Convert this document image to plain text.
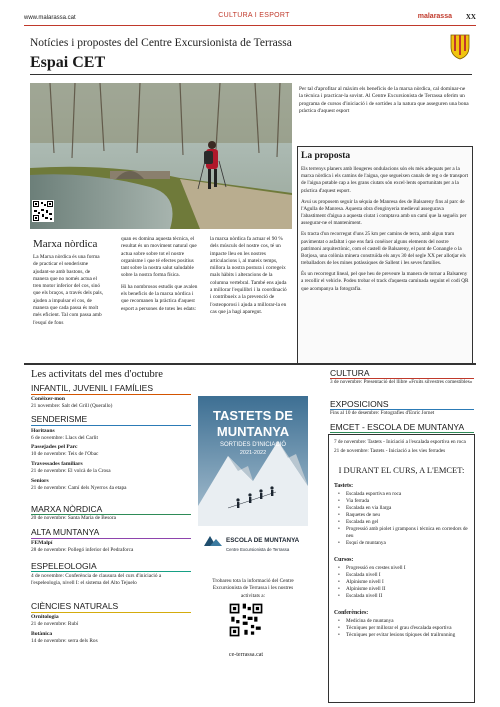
www.malarassa.cat	CULTURA I ESPORT	malarassa XX
Notícies i propostes del Centre Excursionista de Terrassa
Espai CET
Per tal d'aprofitar al màxim els beneficis de la marxa nòrdica, cal dominar-ne la tècnica i practicar-la sovint. Al Centre Excursionista de Terrassa oferim un programa de cursos d'iniciació i de sortides a la natura que asseguren una bona pràctica d'aquest esport
La proposta

Els terrenys planers amb lleugeres ondulacions són els més adequats per a la marxa nòrdica i els camins de l'aigua, que segueixen canals de reg o de transport de l'aigua potable cap a les grans ciutats són excel·lents oportunitats per a la pràctica d'aquest esport.

Avui us proposem seguir la séquia de Manresa des de Balsareny fins al parc de l'Agulla de Manresa. Aquesta obra d'enginyeria medieval assegurava l'abastiment d'aigua a aquesta ciutat i comptava amb un camí que la seguéix per assegurar-ne el manteniment.

Es tracta d'un recorregut d'uns 25 km per camins de terra, amb algun tram pavimentat o asfaltat i que ens farà conèixer alguns elements del nostre patrimoni arquitectònic, com el castell de Balsareny, el pont de Conangle o la Botjosa, una colònia minera construïda els anys 30 del segle XX per allotjar els treballadors de les mines potàssiques de Sallent i les seves famílies.

És un recorregut lineal, pel que heu de preveure la manera de tornar a Balsareny a recollir el vehicle. Podeu trobar el track d'aquesta caminada seguint el codi QR que acompanya la fotografia.

Marxa nòrdica

La Marxa nòrdica és una forma de practicar el senderisme ajudant-se amb bastons, de manera que no només actua el tren motor inferior del cos, sinó que els braços, a través dels pals, ajuden a impulsar el cos, de manera que cada passa és molt més eficient. Tal com passa amb l'esquí de fons

quan es domina aquesta tècnica, el resultat és un moviment natural que actua sobre sobre tot el nostre organisme i que té efectes positius tant sobre la nostra salut saludable sobre la nostra forma física.

Hi ha nombrosos estudis que avalen els beneficis de la marxa nòrdica i que recomanen la pràctica d'aquest esport a persones de totes les edats:

la marxa nòrdica fa actuar el 90 % dels músculs del nostre cos, té un impacte lleu en les nostres articulacions i, al mateix temps, millora la nostra postura i corregeix mals hàbits i alteracions de la columna vertebral. També ens ajuda a millorar l'equilibri i la coordinació i contribueix a la prevenció de l'osteoporosi i ajuda a millorar-la en cas que ja hagi aparegut.

Les activitats del mes d'octubre
INFANTIL, JUVENIL I FAMÍLIES
Conèixer-mon
21 novembre: Salt del Grill (Querallo)
SENDERISME
Horitzons
6 de novembre: Llacs del Carlit
Passejades pel Parc
10 de novembre: Teix de l'Obac
Travessades familiars
21 de novembre: El volcà de la Crosa
Seniors
21 de novembre: Camí dels Nyerros 4a etapa
MARXA NÒRDICA
20 de novembre: Santa Maria de Besora
ALTA MUNTANYA
FEMalpí
28 de novembre: Pollegó inferior del Pedraforca
ESPELEOLOGIA
4 de novembre: Conferència de clausura del curs d'iniciació a l'espeleologia, nivell I: el sistema del Alto Tejuelo
CIÈNCIES NATURALS
Ornitologia
21 de novembre: Rubí
Botànica
14 de novembre: serra dels Ros
TASTETS DE
MUNTANYA
SORTIDES D'INICIACIÓ
2021-2022
ESCOLA DE MUNTANYA
Centre Excursionista de Terrassa
Trobareu tota la informació del Centre Excursionista de Terrassa i les nostres activitats a:
ce-terrassa.cat
CULTURA
3 de novembre: Presentació del llibre «Fruits silvestres comestibles»
EXPOSICIONS
Fins al 10 de desembre: Fotografies d'Enric Jornet
EMCET - ESCOLA DE MUNTANYA
7 de novembre: Tastets - Iniciació a l'escalada esportiva en roca
21 de novembre: Tastets - Iniciació a les vies ferrades
I DURANT EL CURS, A L'EMCET:
Tastets:
• Escalada esportiva en roca
• Via ferrada
• Escalada en via llarga
• Raquetes de neu
• Escalada en gel
• Progressió amb piolet i grampons i tècnica en corredors de neu
• Esquí de muntanya
Cursos:
• Progressió en crestes nivell I
• Escalada nivell I
• Alpinisme nivell I
• Alpinisme nivell II
• Escalada nivell II
Conferències:
• Medicina de muntanya
• Tècniques per millorar el grau d'escalada esportiva
• Tècniques per evitar lesions típiques del trailrunning
